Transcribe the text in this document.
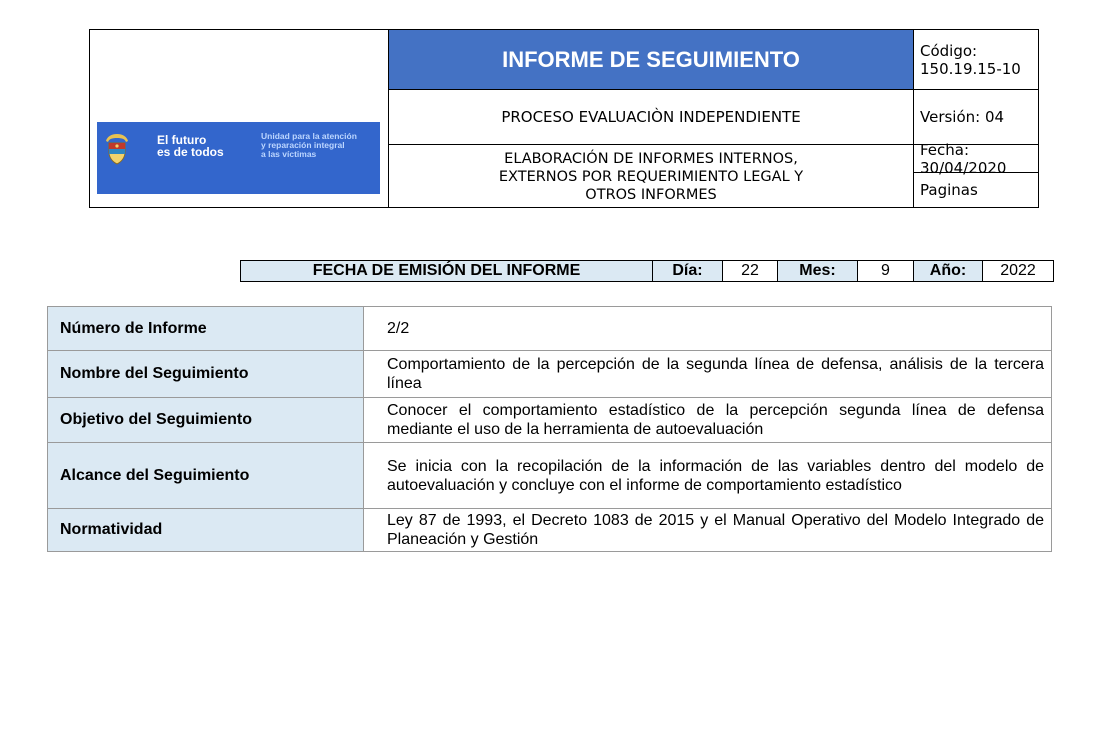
El futuro
es de todos
Unidad para la atención
y reparación integral
a las víctimas
INFORME DE SEGUIMIENTO
PROCESO EVALUACIÒN INDEPENDIENTE
ELABORACIÓN DE INFORMES INTERNOS,
EXTERNOS POR REQUERIMIENTO LEGAL Y
OTROS INFORMES
Código: 150.19.15-10
Versión: 04
Fecha: 30/04/2020
Paginas
FECHA DE EMISIÓN DEL INFORME	Día:	22	Mes:	9	Año:	2022
Número de Informe	2/2
Nombre del Seguimiento	Comportamiento de la percepción de la segunda línea de defensa, análisis de la tercera línea
Objetivo del Seguimiento	Conocer el comportamiento estadístico de la percepción segunda línea de defensa mediante el uso de la herramienta de autoevaluación
Alcance del Seguimiento	Se inicia con la recopilación de la información de las variables dentro del modelo de autoevaluación y concluye con el informe de comportamiento estadístico
Normatividad	Ley 87 de 1993, el Decreto 1083 de 2015 y el Manual Operativo del Modelo Integrado de Planeación y Gestión
